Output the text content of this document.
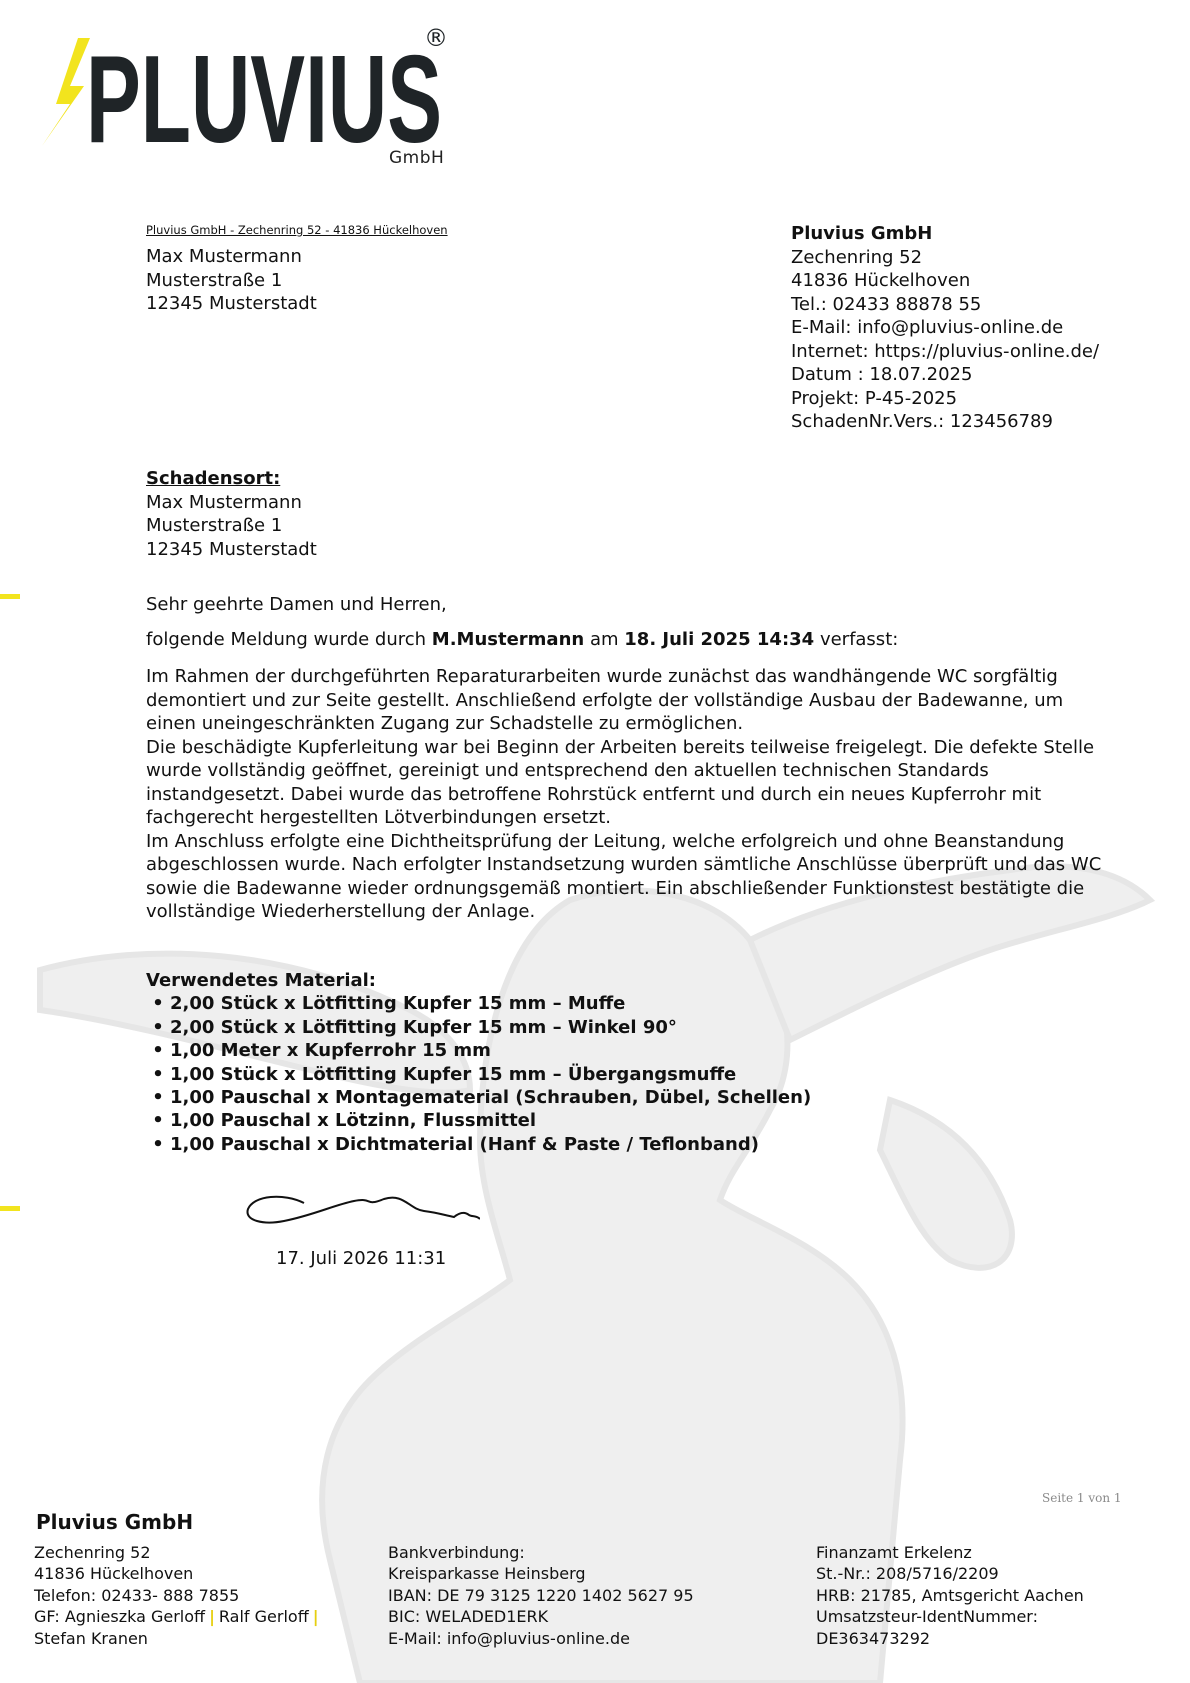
PLUVIUS
®
GmbH
Pluvius GmbH - Zechenring 52 - 41836 Hückelhoven
Max Mustermann
Musterstraße 1
12345 Musterstadt
Pluvius GmbH
Zechenring 52
41836 Hückelhoven
Tel.: 02433 88878 55
E-Mail: info@pluvius-online.de
Internet: https://pluvius-online.de/
Datum : 18.07.2025
Projekt: P-45-2025
SchadenNr.Vers.: 123456789
Schadensort:
Max Mustermann
Musterstraße 1
12345 Musterstadt
Sehr geehrte Damen und Herren,
folgende Meldung wurde durch M.Mustermann am 18. Juli 2025 14:34 verfasst:

Im Rahmen der durchgeführten Reparaturarbeiten wurde zunächst das wandhängende WC sorgfältig demontiert und zur Seite gestellt. Anschließend erfolgte der vollständige Ausbau der Badewanne, um einen uneingeschränkten Zugang zur Schadstelle zu ermöglichen.

Die beschädigte Kupferleitung war bei Beginn der Arbeiten bereits teilweise freigelegt. Die defekte Stelle wurde vollständig geöffnet, gereinigt und entsprechend den aktuellen technischen Standards instandgesetzt. Dabei wurde das betroffene Rohrstück entfernt und durch ein neues Kupferrohr mit fachgerecht hergestellten Lötverbindungen ersetzt.

Im Anschluss erfolgte eine Dichtheitsprüfung der Leitung, welche erfolgreich und ohne Beanstandung abgeschlossen wurde. Nach erfolgter Instandsetzung wurden sämtliche Anschlüsse überprüft und das WC sowie die Badewanne wieder ordnungsgemäß montiert. Ein abschließender Funktionstest bestätigte die vollständige Wiederherstellung der Anlage.

Verwendetes Material:
• 2,00 Stück x Lötfitting Kupfer 15 mm – Muffe
• 2,00 Stück x Lötfitting Kupfer 15 mm – Winkel 90°
• 1,00 Meter x Kupferrohr 15 mm
• 1,00 Stück x Lötfitting Kupfer 15 mm – Übergangsmuffe
• 1,00 Pauschal x Montagematerial (Schrauben, Dübel, Schellen)
• 1,00 Pauschal x Lötzinn, Flussmittel
• 1,00 Pauschal x Dichtmaterial (Hanf & Paste / Teflonband)
17. Juli 2026 11:31
Seite 1 von 1
Pluvius GmbH
Zechenring 52
41836 Hückelhoven
Telefon: 02433- 888 7855
GF: Agnieszka Gerloff | Ralf Gerloff |
Stefan Kranen
Bankverbindung:
Kreisparkasse Heinsberg
IBAN: DE 79 3125 1220 1402 5627 95
BIC: WELADED1ERK
E-Mail: info@pluvius-online.de
Finanzamt Erkelenz
St.-Nr.: 208/5716/2209
HRB: 21785, Amtsgericht Aachen
Umsatzsteur-IdentNummer:
DE363473292
